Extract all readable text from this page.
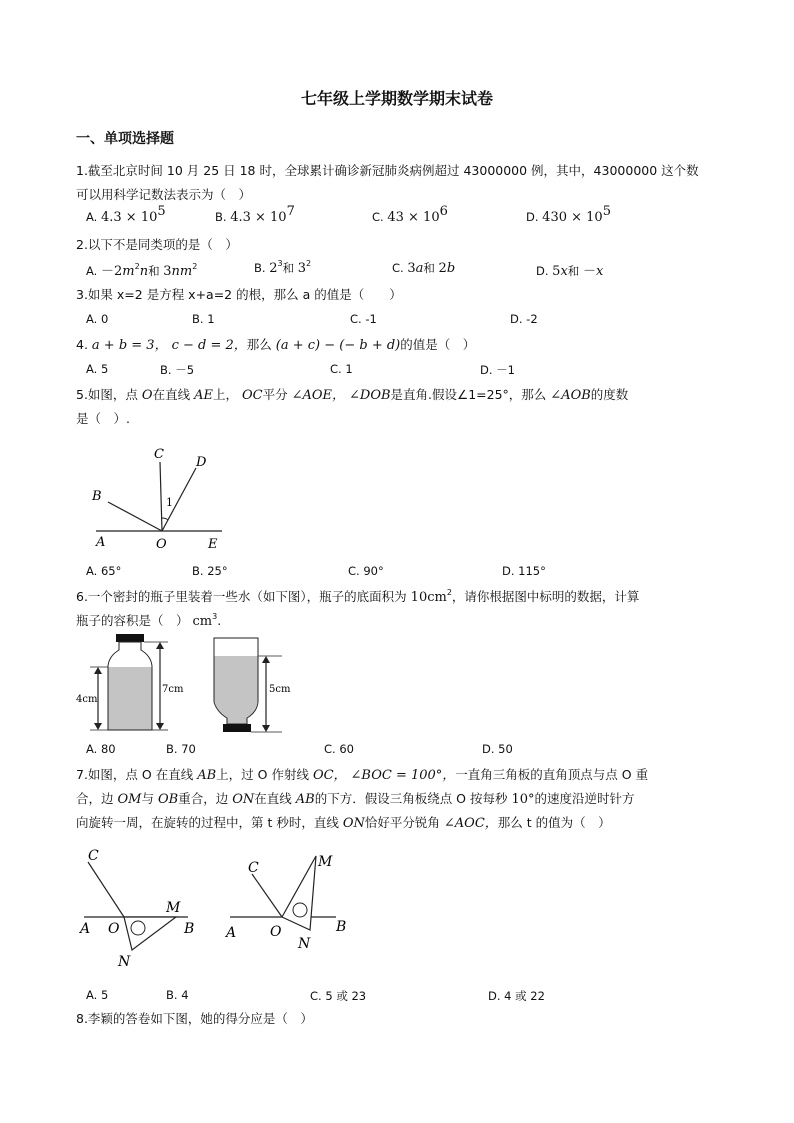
七年级上学期数学期末试卷
一、单项选择题
1.截至北京时间 10 月 25 日 18 时，全球累计确诊新冠肺炎病例超过 43000000 例，其中，43000000 这个数
可以用科学记数法表示为（　）
A. $4.3 \times 10^5$	B. $4.3 \times 10^7$	C. $43 \times 10^6$	D. $430 \times 10^5$
2.以下不是同类项的是（　）
A. $-2m^2n$和 $3nm^2$	B. $2^3$和 $3^2$	C. 3a和 2b	D. 5x和 －x
3.如果 x=2 是方程 x+a=2 的根，那么 a 的值是（　　）
A. 0	B. 1	C. -1	D. -2
4. a + b = 3， c − d = 2，那么 (a + c) − (− b + d)的值是（　）
A. 5	B. －5	C. 1	D. －1
5.如图，点 O在直线 AE上， OC平分 ∠AOE， ∠DOB是直角.假设∠1=25°，那么 ∠AOB的度数
是（　）.
C
D
B	1
A	O	E
A. 65°	B. 25°	C. 90°	D. 115°
6.一个密封的瓶子里装着一些水（如下图），瓶子的底面积为 $10cm^2$，请你根据图中标明的数据，计算
瓶子的容积是（　） $cm^3$.
4cm
7cm	5cm
A. 80	B. 70	C. 60	D. 50
7.如图，点 O 在直线 AB上，过 O 作射线 OC， ∠BOC = 100°，一直角三角板的直角顶点与点 O 重
合，边 OM与 OB重合，边 ON在直线 AB的下方．假设三角板绕点 O 按每秒 10°的速度沿逆时针方
向旋转一周，在旋转的过程中，第 t 秒时，直线 ON恰好平分锐角 ∠AOC，那么 t 的值为（　）
C
A O
M
B
N
C	M
A O	B
N
A. 5	B. 4	C. 5 或 23	D. 4 或 22
8.李颖的答卷如下图，她的得分应是（　）
